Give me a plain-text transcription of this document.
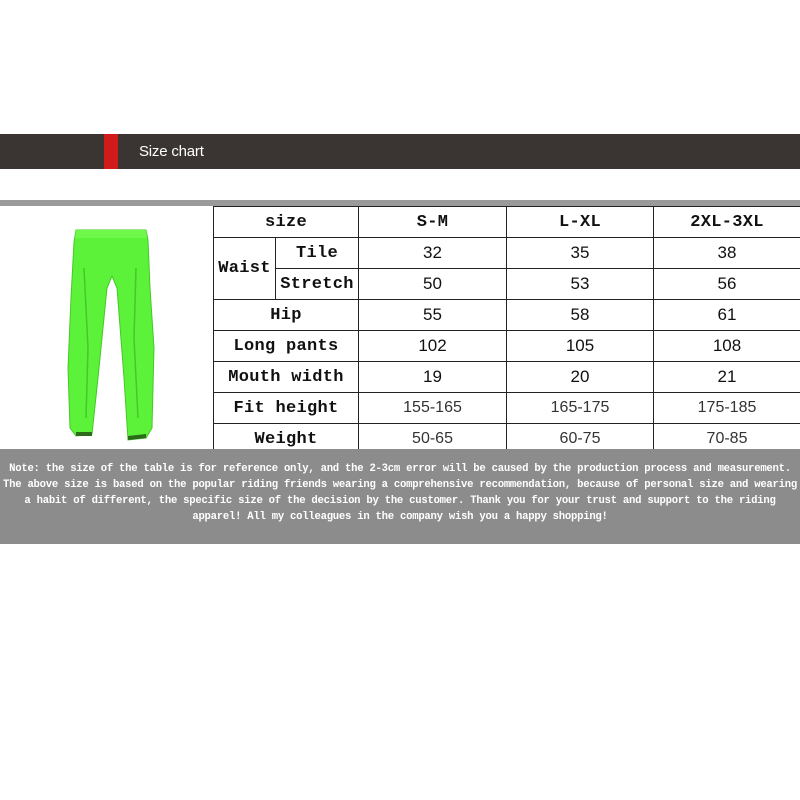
Size chart
size		S-M	L-XL	2XL-3XL
Waist	Tile	32	35	38
	Stretch	50	53	56
Hip		55	58	61
Long pants		102	105	108
Mouth width		19	20	21
Fit height		155-165	165-175	175-185
Weight		50-65	60-75	70-85

Note: the size of the table is for reference only, and the 2-3cm error will be caused by the production process and measurement. The above size is based on the popular riding friends wearing a comprehensive recommendation, because of personal size and wearing a habit of different, the specific size of the decision by the customer. Thank you for your trust and support to the riding apparel! All my colleagues in the company wish you a happy shopping!
